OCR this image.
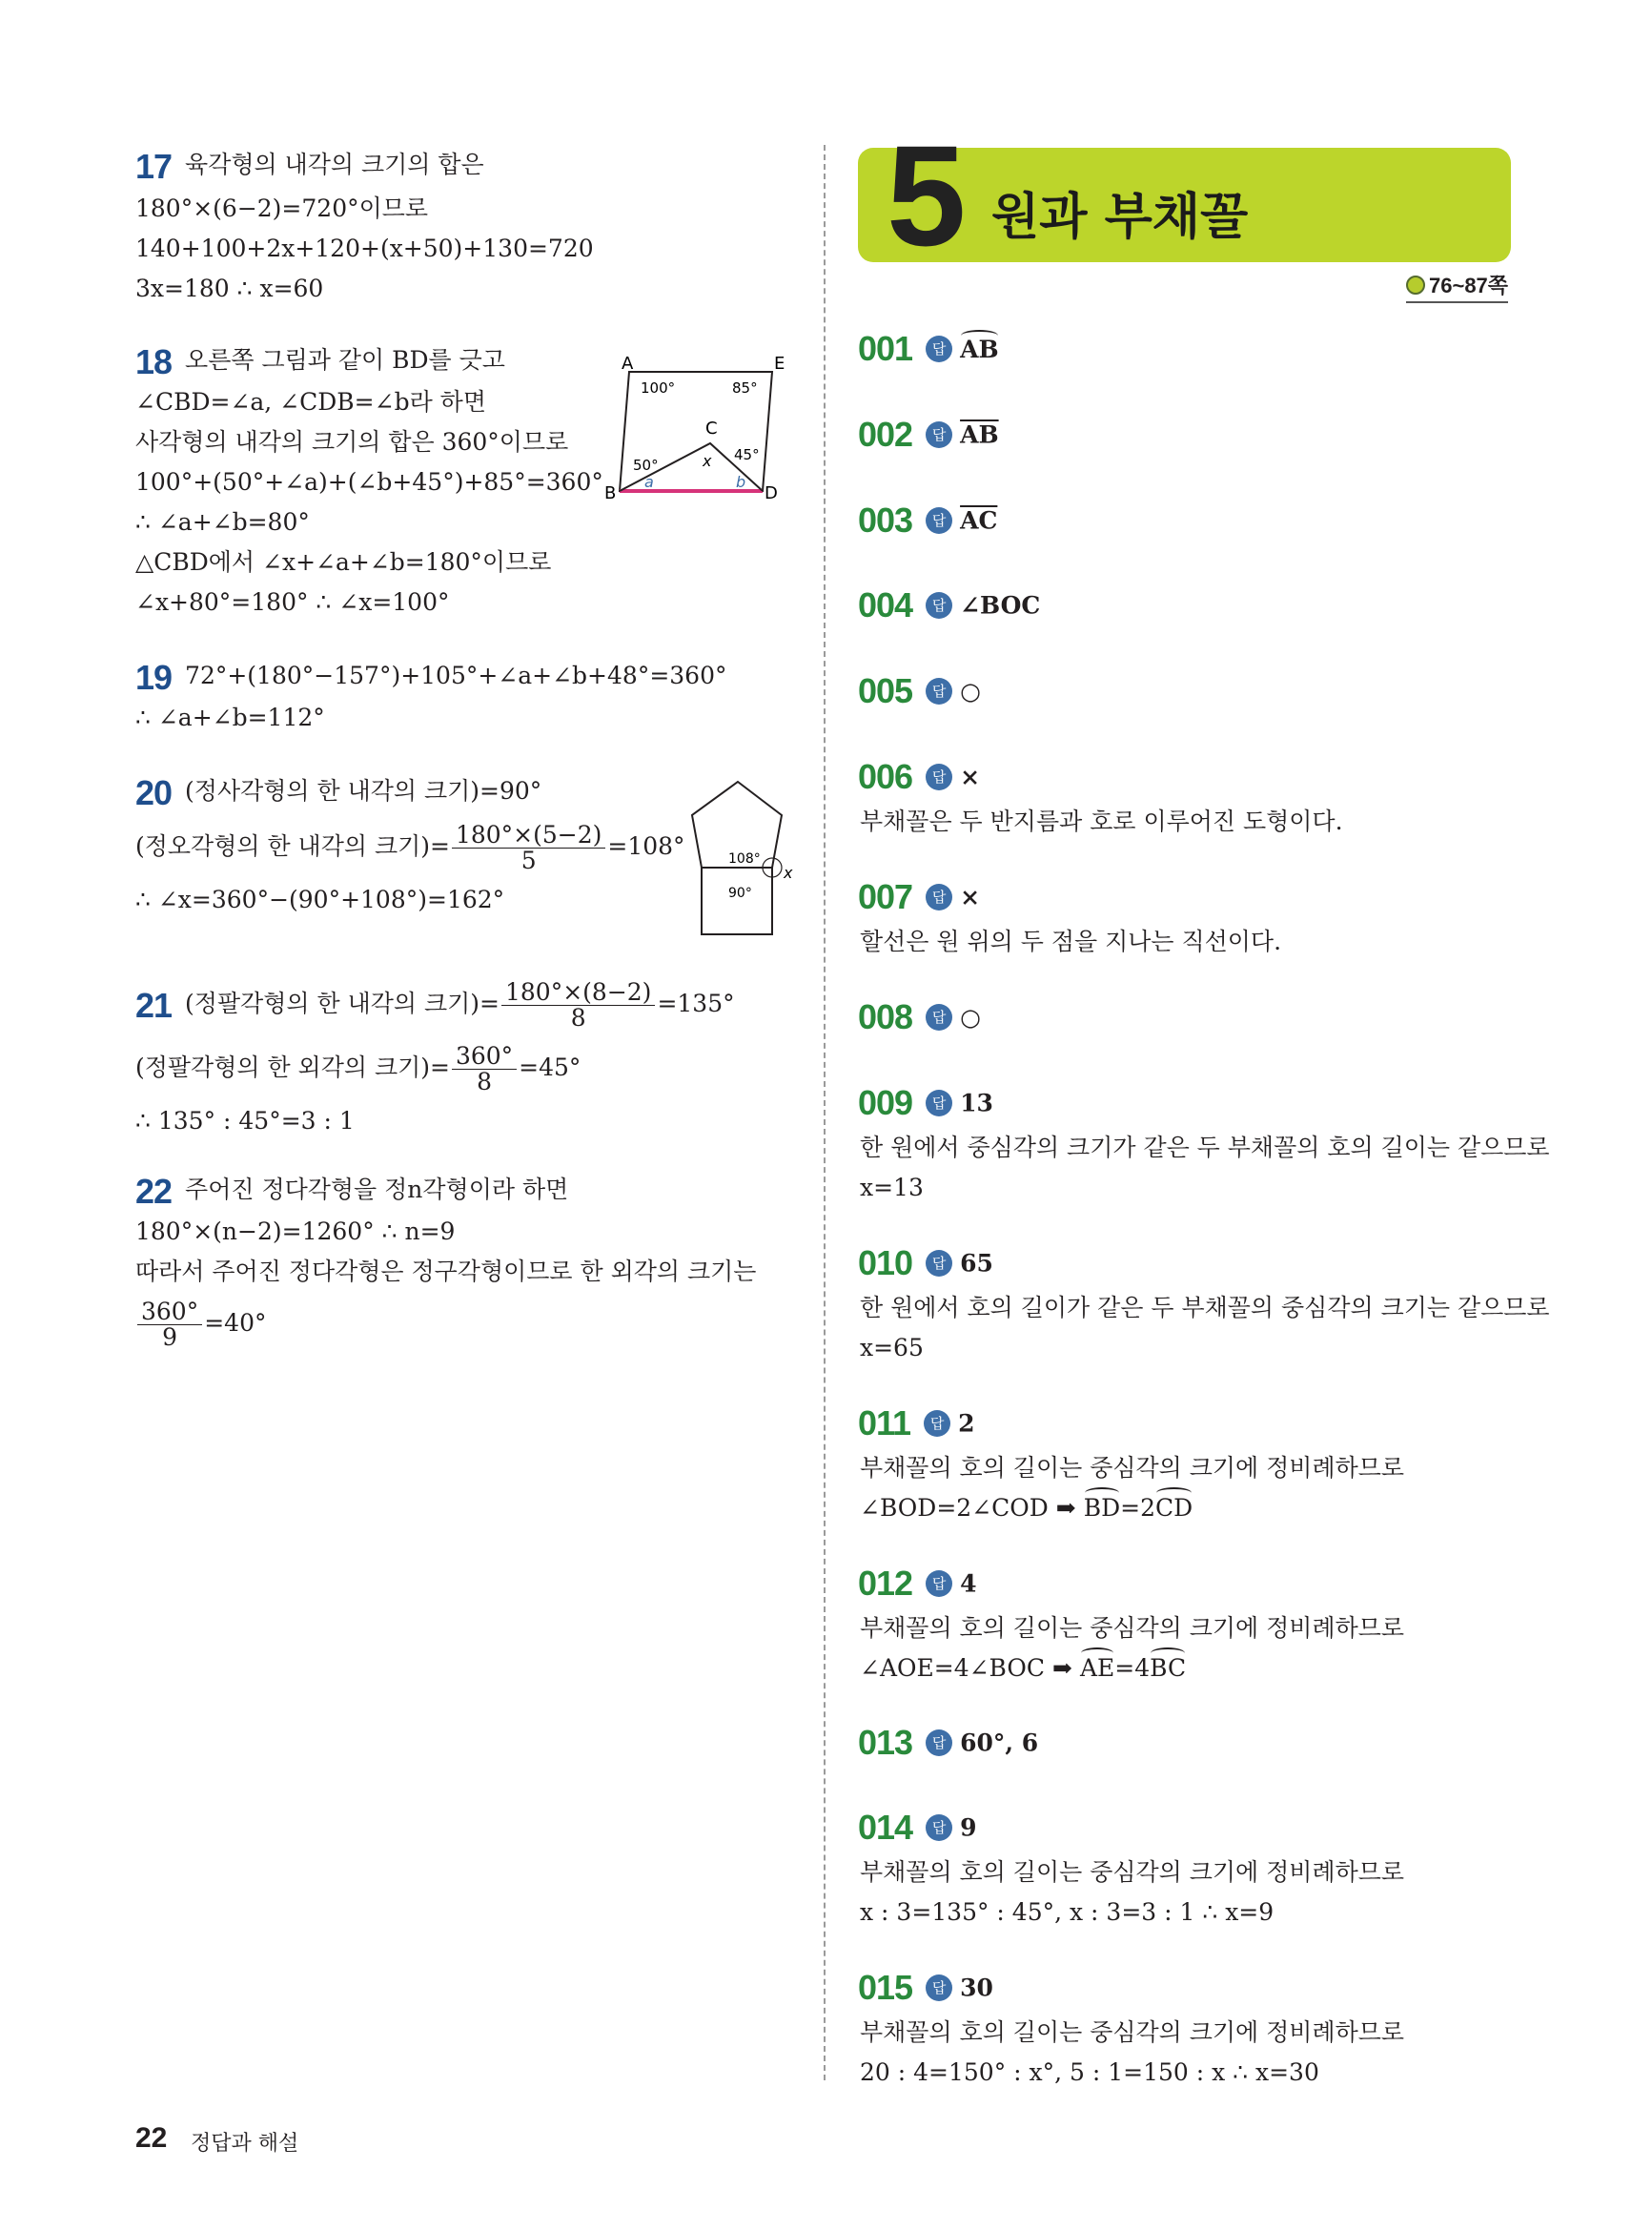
17 육각형의 내각의 크기의 합은
180°×(6−2)=720°이므로
140+100+2x+120+(x+50)+130=720
3x=180 ∴ x=60
18 오른쪽 그림과 같이 BD를 긋고
∠CBD=∠a, ∠CDB=∠b라 하면
사각형의 내각의 크기의 합은 360°이므로
100°+(50°+∠a)+(∠b+45°)+85°=360°
∴ ∠a+∠b=80°
△CBD에서 ∠x+∠a+∠b=180°이므로
∠x+80°=180° ∴ ∠x=100°
A	E
B	D
C
100°	85°
50°
45°
x
a	b
19 72°+(180°−157°)+105°+∠a+∠b+48°=360°
∴ ∠a+∠b=112°
20 (정사각형의 한 내각의 크기)=90°
(정오각형의 한 내각의 크기)= $\frac{180^\circ\times(5-2)}{5} =108^\circ$
∴ ∠x=360°−(90°+108°)=162°
108°
90°
x
21 (정팔각형의 한 내각의 크기)= $\frac{180^\circ\times(8-2)}{8} =135^\circ$
(정팔각형의 한 외각의 크기)= $\frac{360^\circ}{8} =45^\circ$
∴ 135° : 45°=3 : 1
22 주어진 정다각형을 정n각형이라 하면
180°×(n−2)=1260° ∴ n=9
따라서 주어진 정다각형은 정구각형이므로 한 외각의 크기는
$\frac{360^\circ}{9} =40^\circ$
5 원과 부채꼴
76~87쪽
001 답 AB
002 답 $\overline{AB}$
003 답 $\overline{AC}$
004 답 ∠BOC
005 답 ○
006 답 ×
부채꼴은 두 반지름과 호로 이루어진 도형이다.
007 답 ×
할선은 원 위의 두 점을 지나는 직선이다.
008 답 ○
009 답 13
한 원에서 중심각의 크기가 같은 두 부채꼴의 호의 길이는 같으므로
x=13
010 답 65
한 원에서 호의 길이가 같은 두 부채꼴의 중심각의 크기는 같으므로
x=65
011 답 2
부채꼴의 호의 길이는 중심각의 크기에 정비례하므로
∠BOD=2∠COD ➡ BD=2CD
012 답 4
부채꼴의 호의 길이는 중심각의 크기에 정비례하므로
∠AOE=4∠BOC ➡ AE=4BC
013 답 60°, 6
014 답 9
부채꼴의 호의 길이는 중심각의 크기에 정비례하므로
x : 3=135° : 45°, x : 3=3 : 1 ∴ x=9
015 답 30
부채꼴의 호의 길이는 중심각의 크기에 정비례하므로
20 : 4=150° : x°, 5 : 1=150 : x ∴ x=30
22 정답과 해설
